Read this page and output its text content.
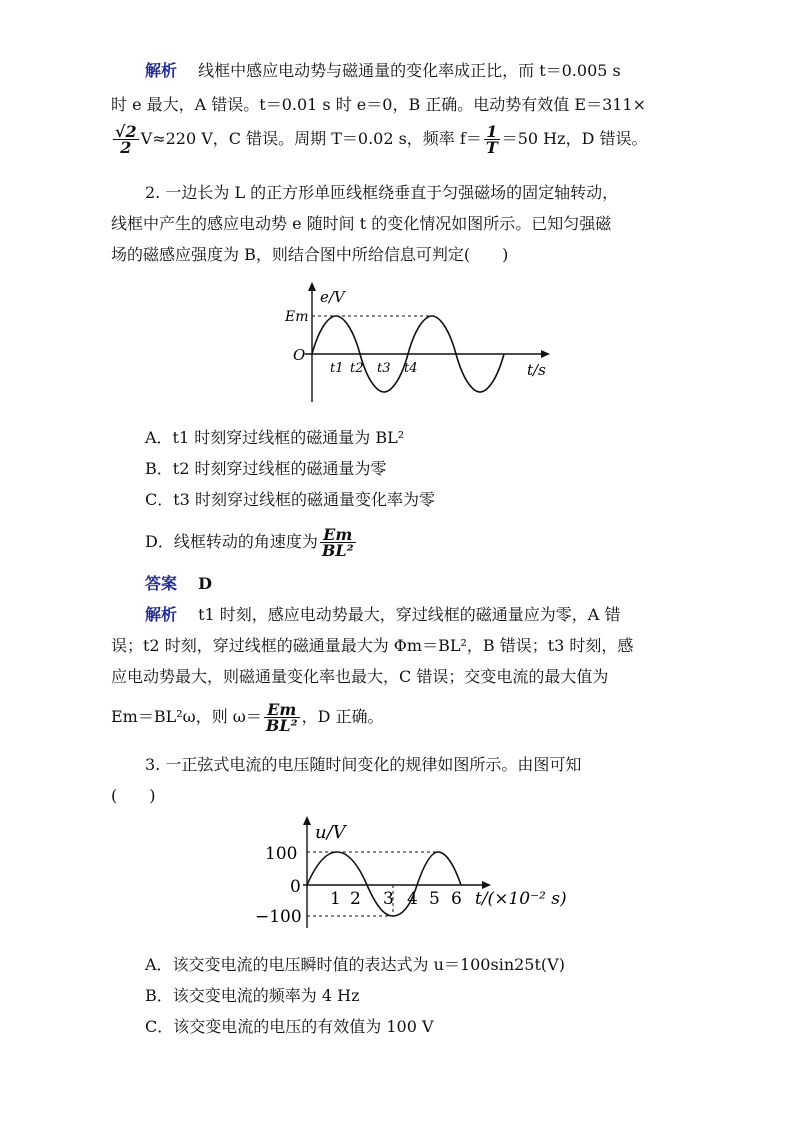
解析　 线框中感应电动势与磁通量的变化率成正比，而 t＝0.005 s
时 e 最大，A 错误。t＝0.01 s 时 e＝0，B 正确。电动势有效值 E＝311×
$\frac{√2}{2} V\approx 220$ V，C 错误。周期 T＝0.02 s，频率 $f= \frac{1}{T} =50$ Hz，D 错误。
2. 一边长为 L 的正方形单匝线框绕垂直于匀强磁场的固定轴转动，
线框中产生的感应电动势 e 随时间 t 的变化情况如图所示。已知匀强磁
场的磁感应强度为 B，则结合图中所给信息可判定(　　)
e/V
Em
O
t1 t2 t3 t4	t/s
A．t1 时刻穿过线框的磁通量为 BL²
B．t2 时刻穿过线框的磁通量为零
C．t3 时刻穿过线框的磁通量变化率为零
D．线框转动的角速度为 $\frac{Em}{\text{BL²}}$
答案　 D
解析　 t1 时刻，感应电动势最大，穿过线框的磁通量应为零，A 错
误；t2 时刻，穿过线框的磁通量最大为 Φm＝BL²，B 错误；t3 时刻，感
应电动势最大，则磁通量变化率也最大，C 错误；交变电流的最大值为
Em＝BL²ω，则 $\omega= \frac{Em}{\text{BL²}}$ ，D 正确。
3. 一正弦式电流的电压随时间变化的规律如图所示。由图可知
(　　)
u/V
100
0
−100
1 2 3 4 5 6 t/(×10⁻² s)
A．该交变电流的电压瞬时值的表达式为 u＝100sin25t(V)
B．该交变电流的频率为 4 Hz
C．该交变电流的电压的有效值为 100 V
